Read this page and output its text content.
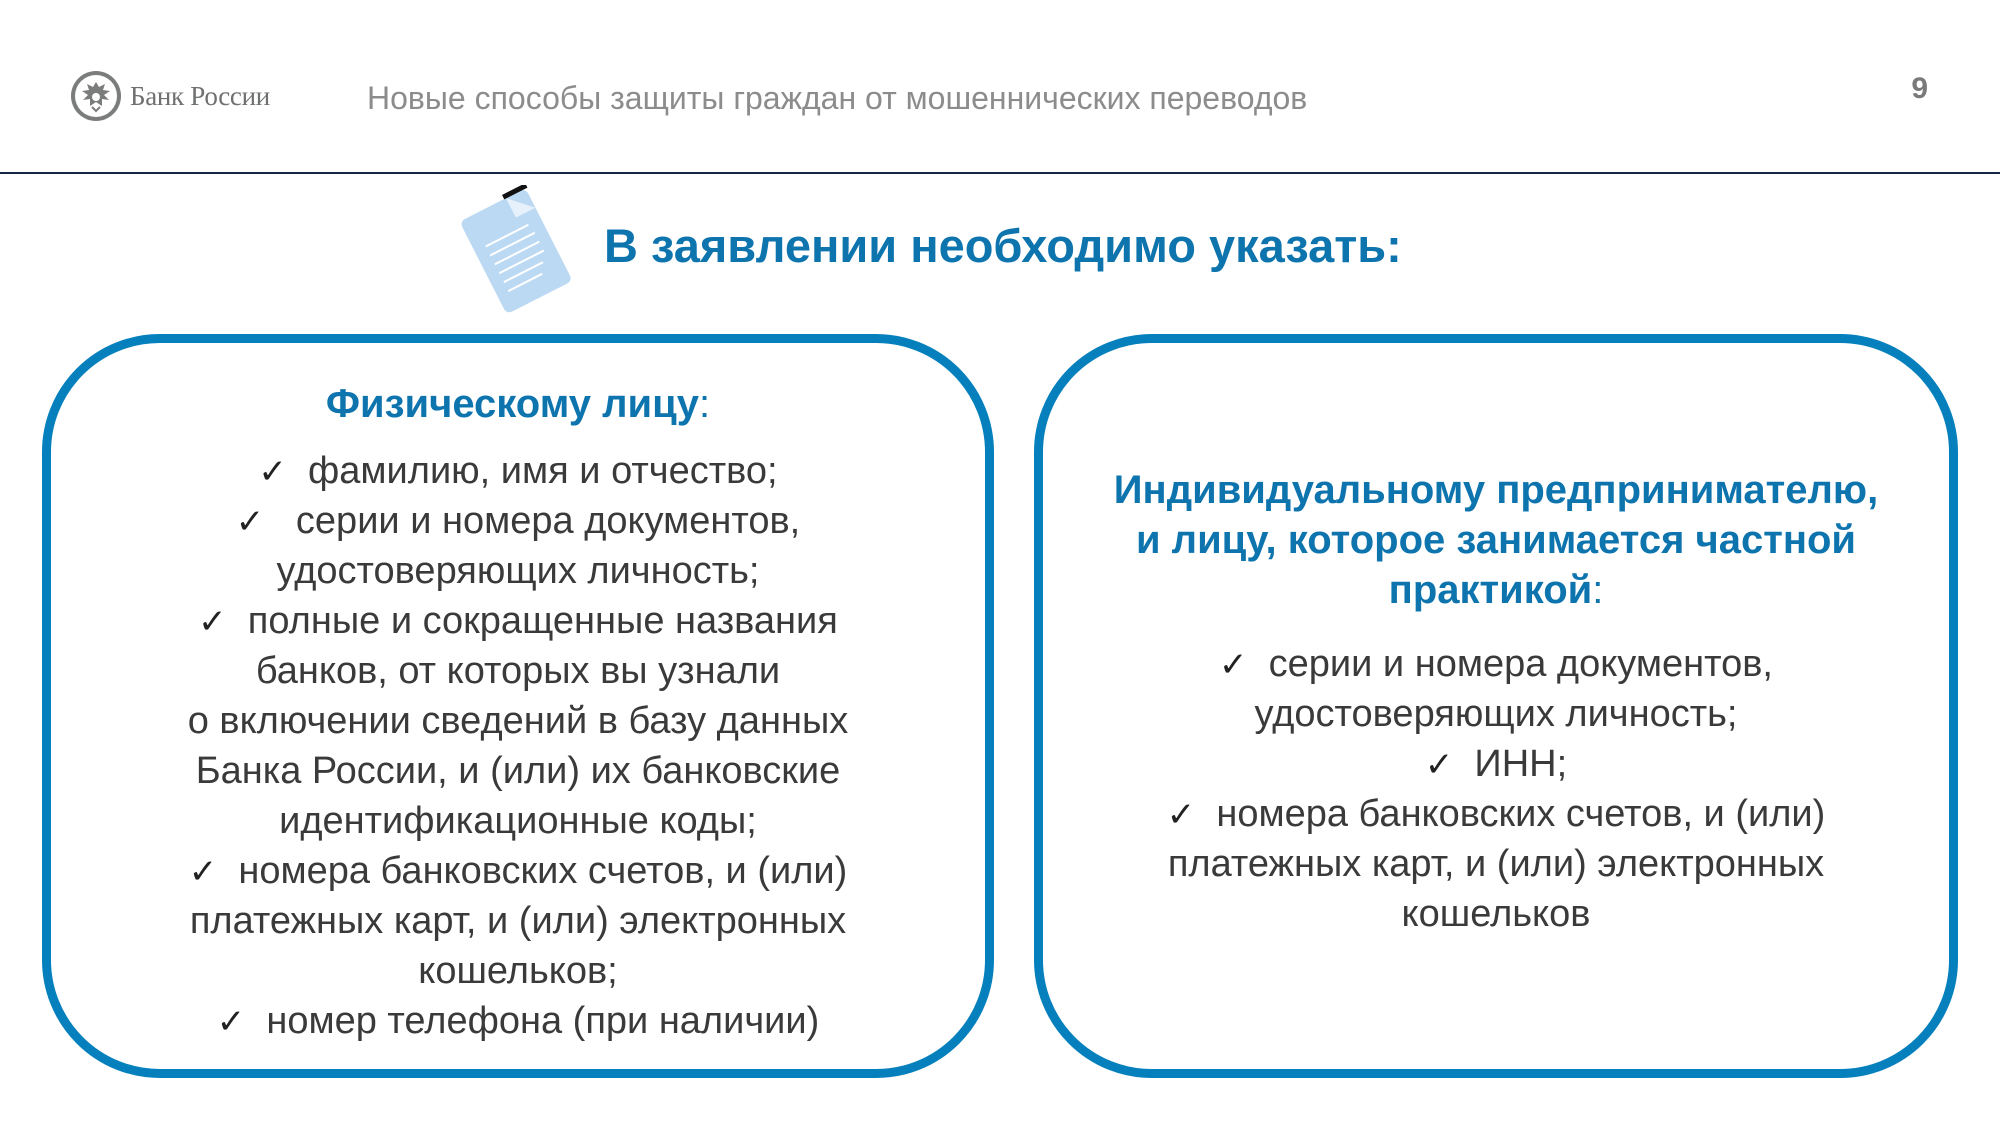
Банк России	Новые способы защиты граждан от мошеннических переводов	9
В заявлении необходимо указать:
Физическому лицу:
✓  фамилию, имя и отчество;
✓   серии и номера документов,
удостоверяющих личность;
✓  полные и сокращенные названия
банков, от которых вы узнали
о включении сведений в базу данных
Банка России, и (или) их банковские
идентификационные коды;
✓  номера банковских счетов, и (или)
платежных карт, и (или) электронных
кошельков;
✓  номер телефона (при наличии)
Индивидуальному предпринимателю,
и лицу, которое занимается частной
практикой:
✓  серии и номера документов,
удостоверяющих личность;
✓  ИНН;
✓  номера банковских счетов, и (или)
платежных карт, и (или) электронных
кошельков
